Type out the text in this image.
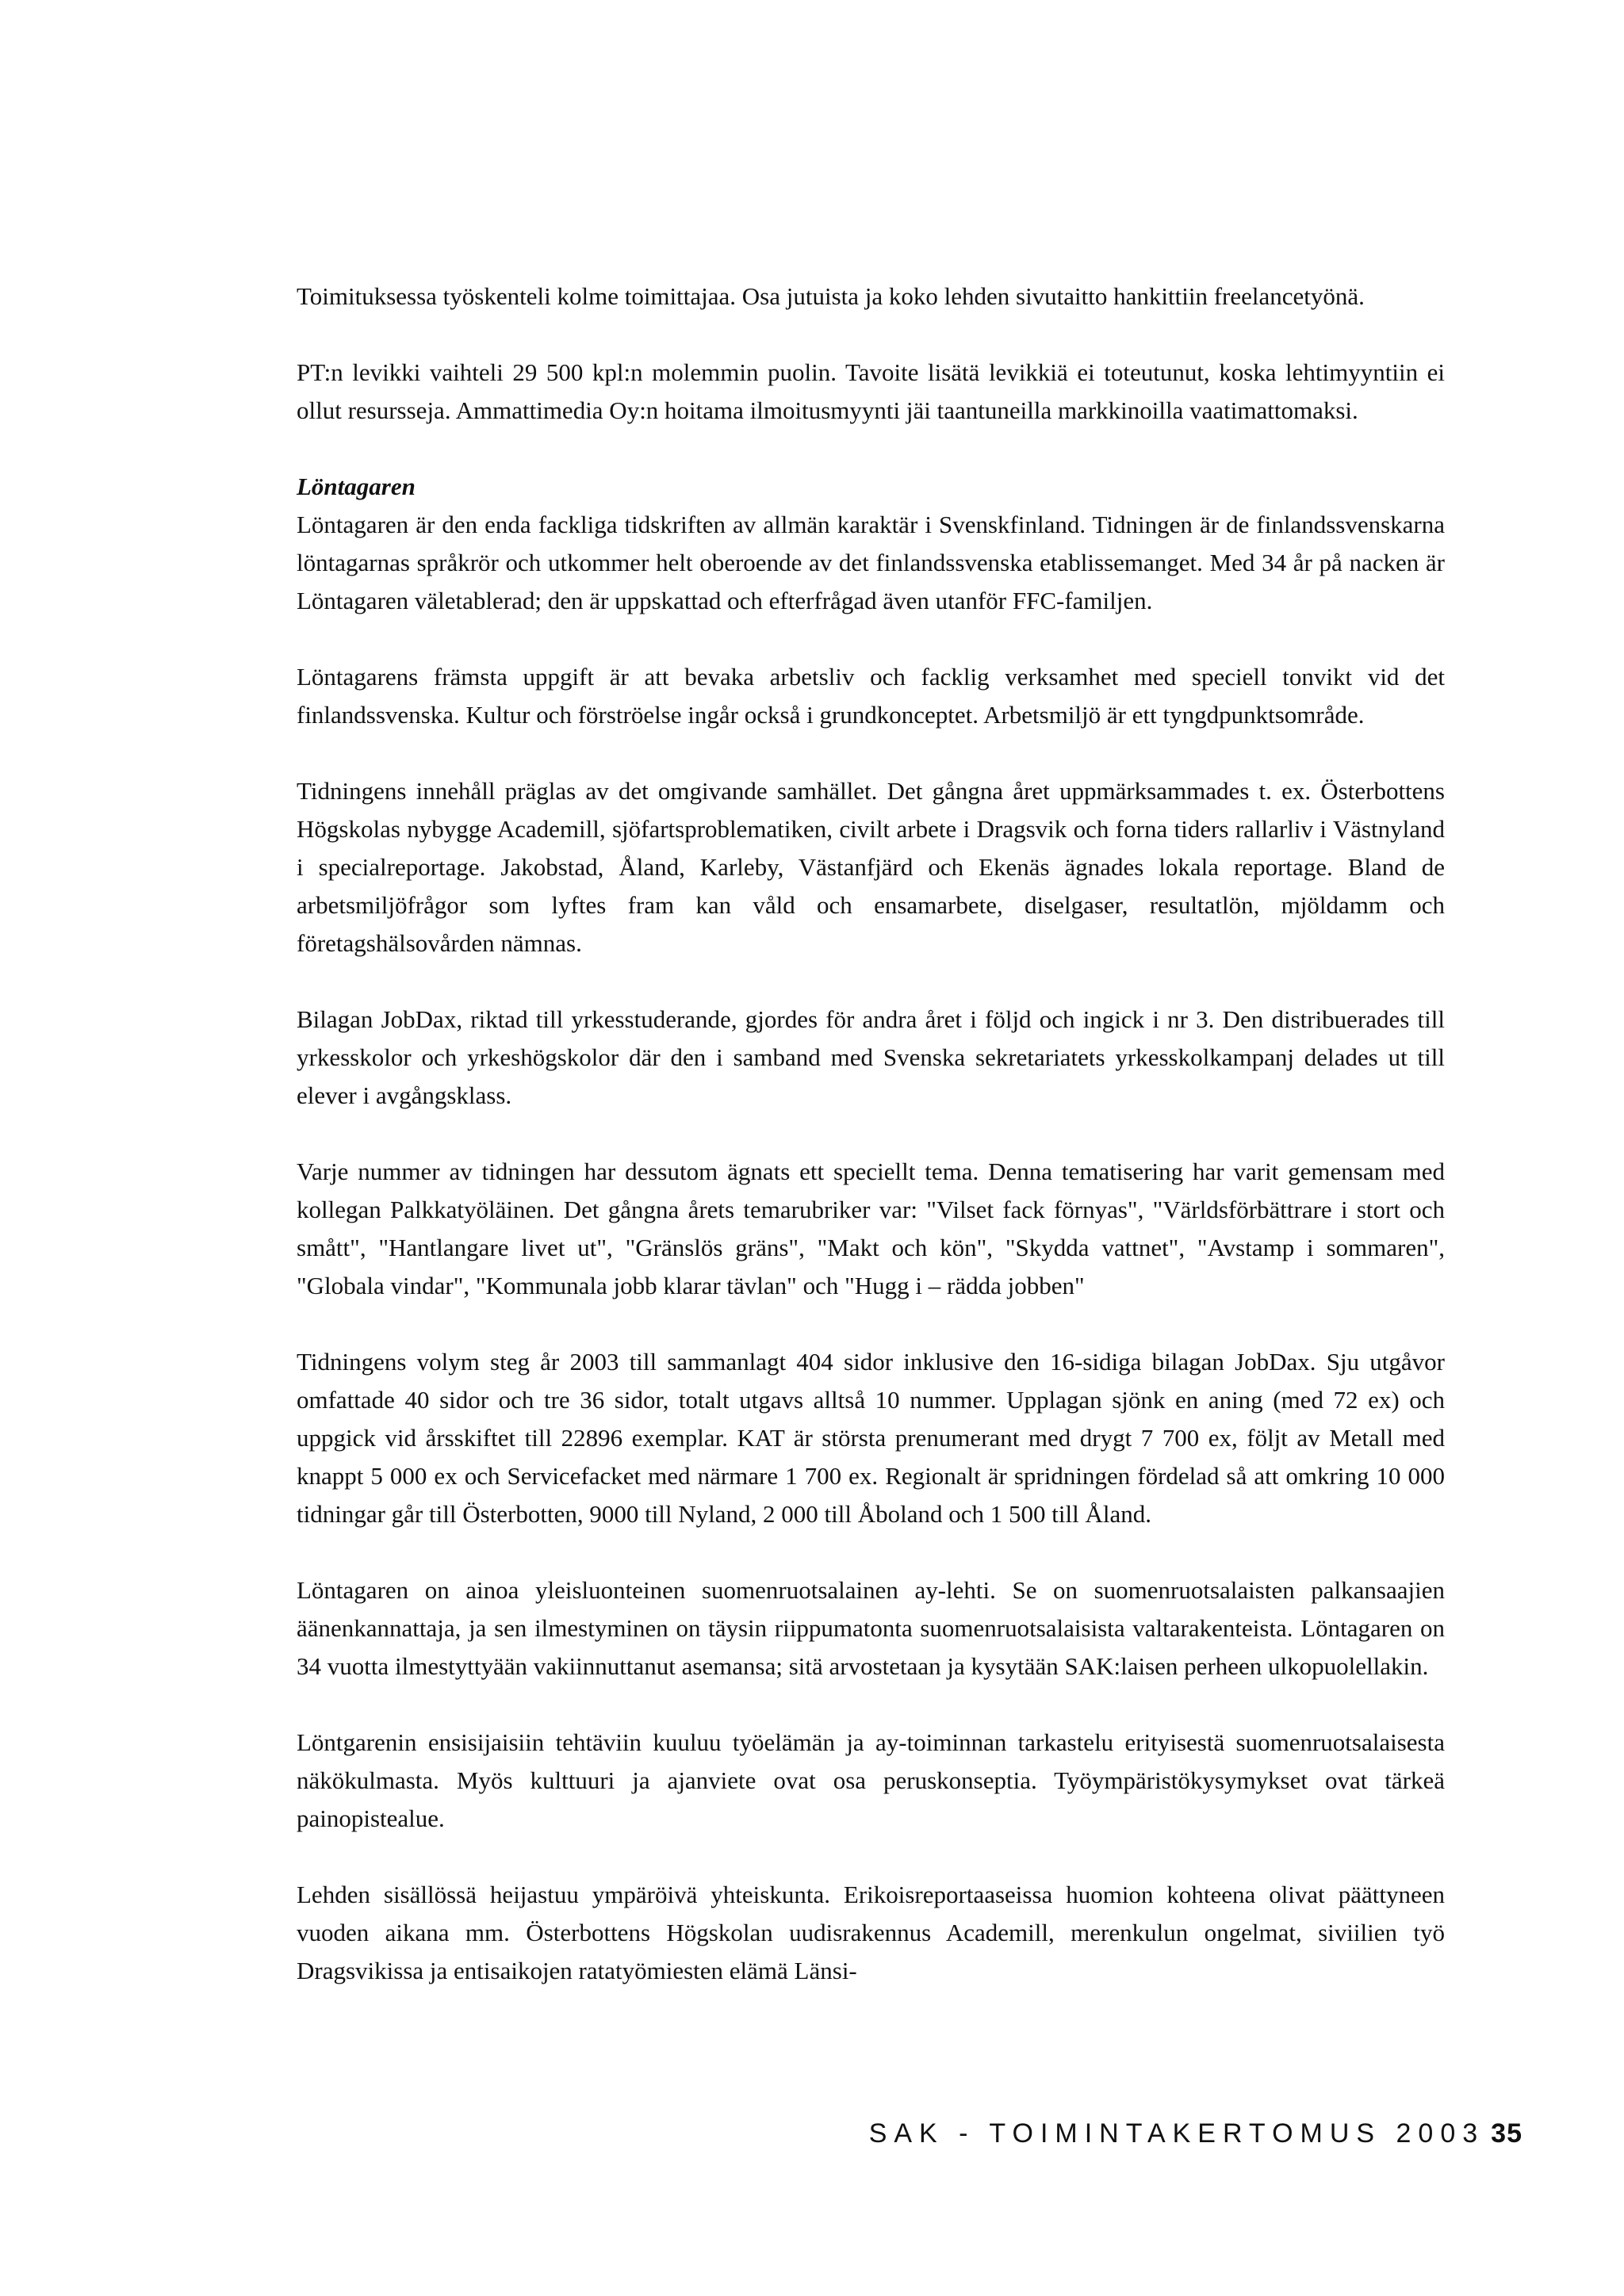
Toimituksessa työskenteli kolme toimittajaa. Osa jutuista ja koko lehden sivutaitto hankittiin freelancetyönä.

PT:n levikki vaihteli 29 500 kpl:n molemmin puolin. Tavoite lisätä levikkiä ei toteutunut, koska lehtimyyntiin ei ollut resursseja. Ammattimedia Oy:n hoitama ilmoitusmyynti jäi taantuneilla markkinoilla vaatimattomaksi.

Löntagaren

Löntagaren är den enda fackliga tidskriften av allmän karaktär i Svenskfinland. Tidningen är de finlandssvenskarna löntagarnas språkrör och utkommer helt oberoende av det finlandssvenska etablissemanget. Med 34 år på nacken är Löntagaren väletablerad; den är uppskattad och efterfrågad även utanför FFC-familjen.

Löntagarens främsta uppgift är att bevaka arbetsliv och facklig verksamhet med speciell tonvikt vid det finlandssvenska. Kultur och förströelse ingår också i grundkonceptet. Arbetsmiljö är ett tyngdpunktsområde.

Tidningens innehåll präglas av det omgivande samhället. Det gångna året uppmärksammades t. ex. Österbottens Högskolas nybygge Academill, sjöfartsproblematiken, civilt arbete i Dragsvik och forna tiders rallarliv i Västnyland i specialreportage. Jakobstad, Åland, Karleby, Västanfjärd och Ekenäs ägnades lokala reportage. Bland de arbetsmiljöfrågor som lyftes fram kan våld och ensamarbete, diselgaser, resultatlön, mjöldamm och företagshälsovården nämnas.

Bilagan JobDax, riktad till yrkesstuderande, gjordes för andra året i följd och ingick i nr 3. Den distribuerades till yrkesskolor och yrkeshögskolor där den i samband med Svenska sekretariatets yrkesskolkampanj delades ut till elever i avgångsklass.

Varje nummer av tidningen har dessutom ägnats ett speciellt tema. Denna tematisering har varit gemensam med kollegan Palkkatyöläinen. Det gångna årets temarubriker var: "Vilset fack förnyas", "Världsförbättrare i stort och smått", "Hantlangare livet ut", "Gränslös gräns", "Makt och kön", "Skydda vattnet", "Avstamp i sommaren", "Globala vindar", "Kommunala jobb klarar tävlan" och "Hugg i – rädda jobben"

Tidningens volym steg år 2003 till sammanlagt 404 sidor inklusive den 16-sidiga bilagan JobDax. Sju utgåvor omfattade 40 sidor och tre 36 sidor, totalt utgavs alltså 10 nummer. Upplagan sjönk en aning (med 72 ex) och uppgick vid årsskiftet till 22896 exemplar. KAT är största prenumerant med drygt 7 700 ex, följt av Metall med knappt 5 000 ex och Servicefacket med närmare 1 700 ex. Regionalt är spridningen fördelad så att omkring 10 000 tidningar går till Österbotten, 9000 till Nyland, 2 000 till Åboland och 1 500 till Åland.

Löntagaren on ainoa yleisluonteinen suomenruotsalainen ay-lehti. Se on suomenruotsalaisten palkansaajien äänenkannattaja, ja sen ilmestyminen on täysin riippumatonta suomenruotsalaisista valtarakenteista. Löntagaren on 34 vuotta ilmestyttyään vakiinnuttanut asemansa; sitä arvostetaan ja kysytään SAK:laisen perheen ulkopuolellakin.

Löntgarenin ensisijaisiin tehtäviin kuuluu työelämän ja ay-toiminnan tarkastelu erityisestä suomenruotsalaisesta näkökulmasta. Myös kulttuuri ja ajanviete ovat osa peruskonseptia. Työympäristökysymykset ovat tärkeä painopistealue.

Lehden sisällössä heijastuu ympäröivä yhteiskunta. Erikoisreportaaseissa huomion kohteena olivat päättyneen vuoden aikana mm. Österbottens Högskolan uudisrakennus Academill, merenkulun ongelmat, siviilien työ Dragsvikissa ja entisaikojen ratatyömiesten elämä Länsi-

SAK - TOIMINTAKERTOMUS 2003 35
